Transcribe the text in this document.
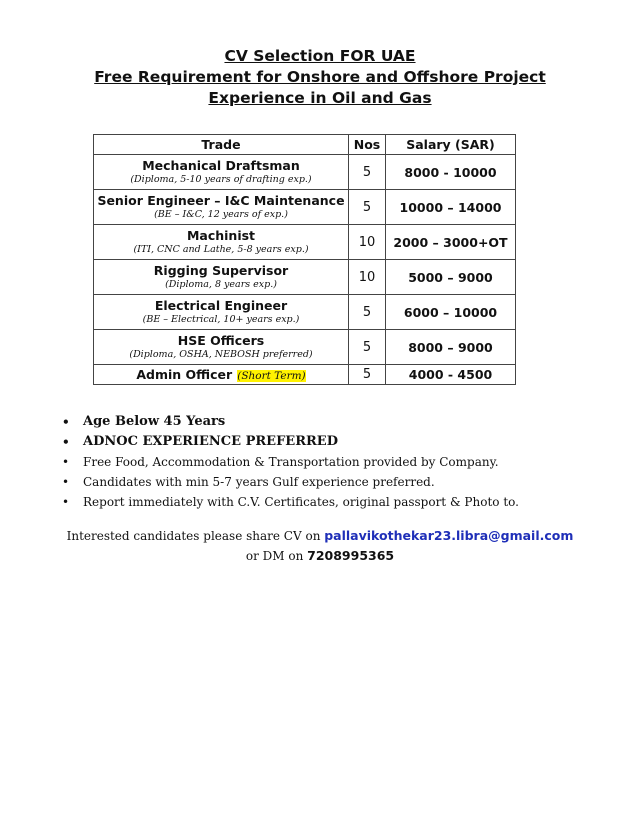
CV Selection FOR UAE

Free Requirement for Onshore and Offshore Project

Experience in Oil and Gas

Trade	Nos	Salary (SAR)

Mechanical Draftsman
(Diploma, 5-10 years of drafting exp.)	5	8000 - 10000

Senior Engineer – I&C Maintenance
(BE – I&C, 12 years of exp.)	5	10000 – 14000

Machinist
(ITI, CNC and Lathe, 5-8 years exp.)	10	2000 – 3000+OT

Rigging Supervisor
(Diploma, 8 years exp.)	10	5000 – 9000

Electrical Engineer
(BE – Electrical, 10+ years exp.)	5	6000 – 10000

HSE Officers
(Diploma, OSHA, NEBOSH preferred)	5	8000 – 9000
Admin Officer (Short Term)	5	4000 - 4500
• Age Below 45 Years
• ADNOC EXPERIENCE PREFERRED
• Free Food, Accommodation & Transportation provided by Company.
• Candidates with min 5-7 years Gulf experience preferred.
• Report immediately with C.V. Certificates, original passport & Photo to.
Interested candidates please share CV on pallavikothekar23.libra@gmail.com
or DM on 7208995365
